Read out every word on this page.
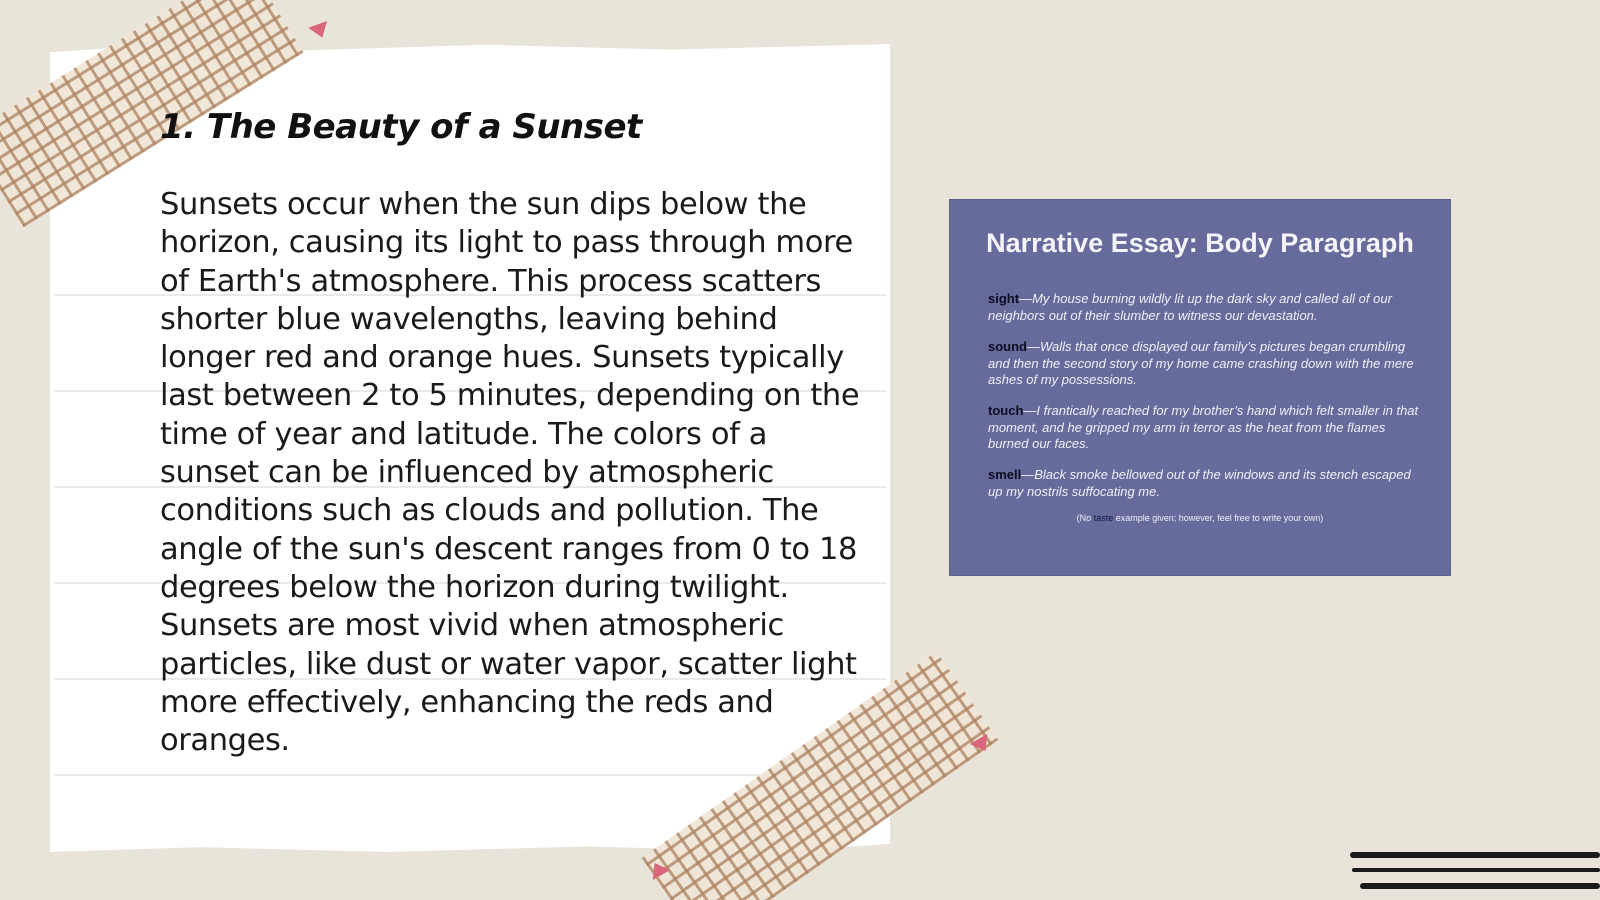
1. The Beauty of a Sunset

Sunsets occur when the sun dips below the horizon, causing its light to pass through more of Earth's atmosphere. This process scatters shorter blue wavelengths, leaving behind longer red and orange hues. Sunsets typically last between 2 to 5 minutes, depending on the time of year and latitude. The colors of a sunset can be influenced by atmospheric conditions such as clouds and pollution. The angle of the sun's descent ranges from 0 to 18 degrees below the horizon during twilight. Sunsets are most vivid when atmospheric particles, like dust or water vapor, scatter light more effectively, enhancing the reds and oranges.

Narrative Essay: Body Paragraph

sight—My house burning wildly lit up the dark sky and called all of our neighbors out of their slumber to witness our devastation.

sound—Walls that once displayed our family’s pictures began crumbling and then the second story of my home came crashing down with the mere ashes of my possessions.

touch—I frantically reached for my brother’s hand which felt smaller in that moment, and he gripped my arm in terror as the heat from the flames burned our faces.

smell—Black smoke bellowed out of the windows and its stench escaped up my nostrils suffocating me.

(No taste example given; however, feel free to write your own)
